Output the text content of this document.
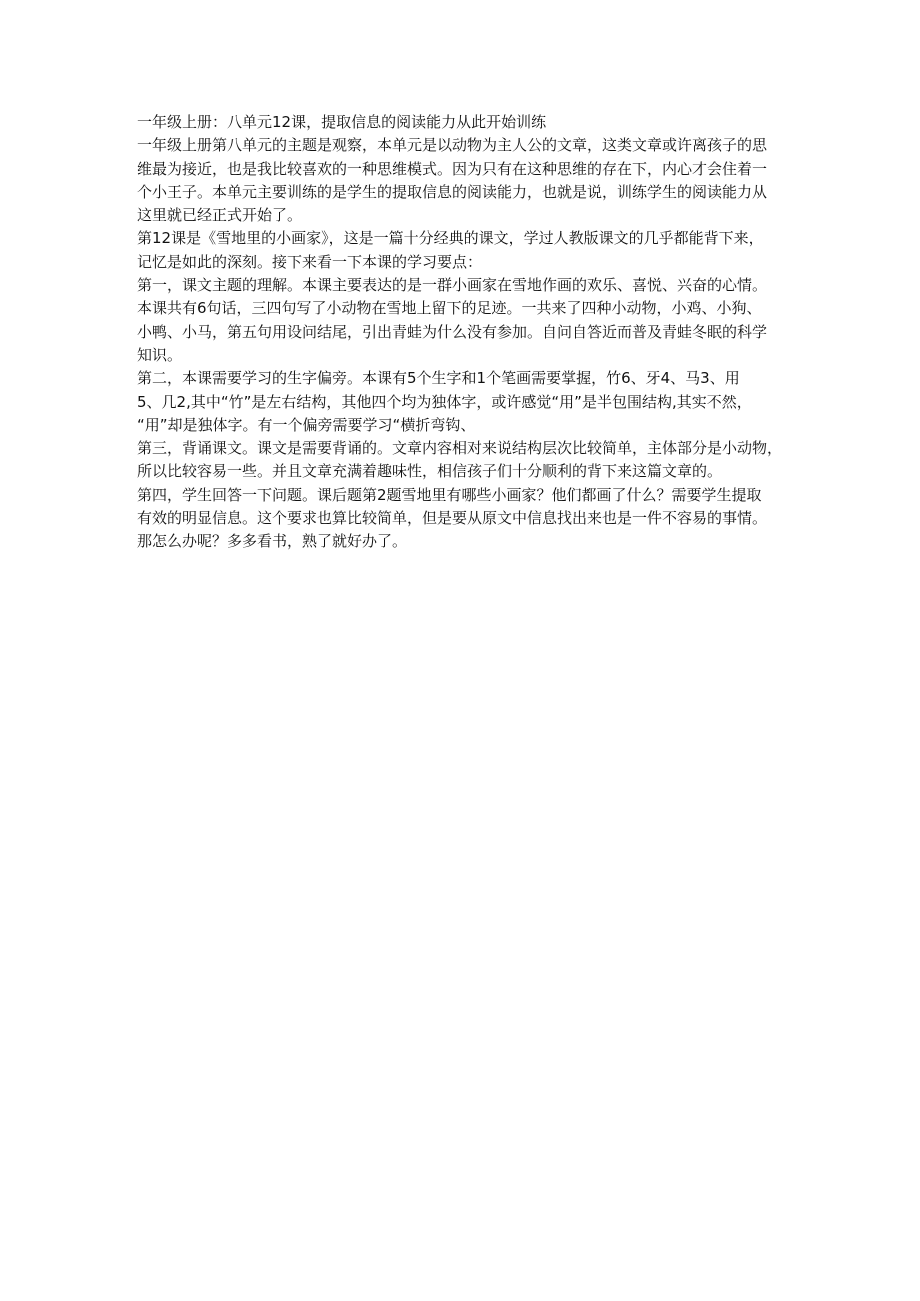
一年级上册：八单元12课，提取信息的阅读能力从此开始训练

一年级上册第八单元的主题是观察，本单元是以动物为主人公的文章，这类文章或许离孩子的思

维最为接近，也是我比较喜欢的一种思维模式。因为只有在这种思维的存在下，内心才会住着一

个小王子。本单元主要训练的是学生的提取信息的阅读能力，也就是说，训练学生的阅读能力从

这里就已经正式开始了。

第12课是《雪地里的小画家》，这是一篇十分经典的课文，学过人教版课文的几乎都能背下来，

记忆是如此的深刻。接下来看一下本课的学习要点：

第一，课文主题的理解。本课主要表达的是一群小画家在雪地作画的欢乐、喜悦、兴奋的心情。

本课共有6句话，三四句写了小动物在雪地上留下的足迹。一共来了四种小动物，小鸡、小狗、

小鸭、小马，第五句用设问结尾，引出青蛙为什么没有参加。自问自答近而普及青蛙冬眠的科学

知识。

第二，本课需要学习的生字偏旁。本课有5个生字和1个笔画需要掌握，竹6、牙4、马3、用

5、几2,其中“竹”是左右结构，其他四个均为独体字，或许感觉“用”是半包围结构,其实不然，

“用”却是独体字。有一个偏旁需要学习“横折弯钩、

第三，背诵课文。课文是需要背诵的。文章内容相对来说结构层次比较简单，主体部分是小动物，

所以比较容易一些。并且文章充满着趣味性，相信孩子们十分顺利的背下来这篇文章的。

第四，学生回答一下问题。课后题第2题雪地里有哪些小画家？他们都画了什么？需要学生提取

有效的明显信息。这个要求也算比较简单，但是要从原文中信息找出来也是一件不容易的事情。

那怎么办呢？多多看书，熟了就好办了。
